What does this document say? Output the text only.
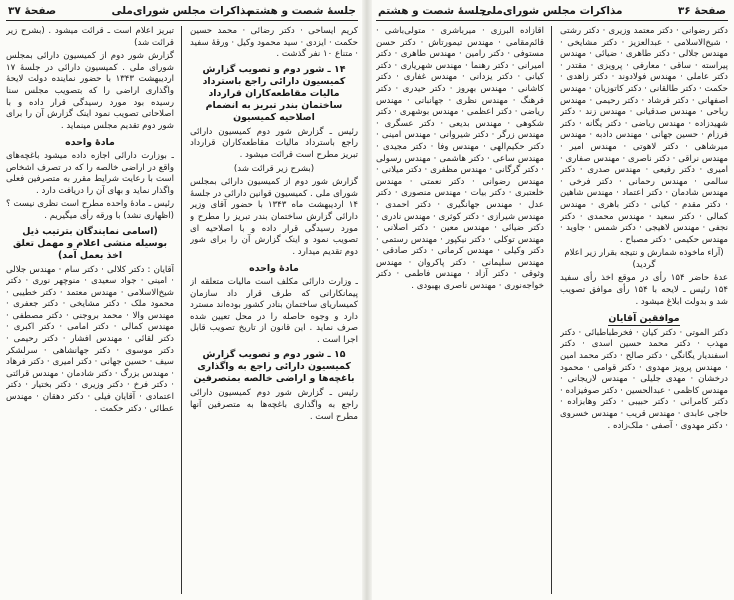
جلسهٔ شصت و هشتم
مذاکرات مجلس شورای‌ملی
صفحهٔ ۳۷

کریم ایساحی · دکتر رضائی · محمد حسین حکمت · ایزدی · سید محمود وکیل · ورقهٔ سفید · متناع ۱۰ نفر گذشت .

۱۴ ـ شور دوم و تصویب گزارش کمیسیون دارائی راجع باسترداد مالیات مقاطعه‌کاران قرارداد ساختمان بندر تبریز به انضمام اصلاحیه کمیسیون

رئیس ـ گزارش شور دوم کمیسیون دارائی راجع باسترداد مالیات مقاطعه‌کاران قرارداد تبریز مطرح است قرائت میشود .

(بشرح زیر قرائت شد)

گزارش شور دوم از کمیسیون دارائی بمجلس شورای ملی . کمیسیون قوانین دارائی در جلسهٔ ۱۴ اردیبهشت ماه ۱۳۴۳ با حضور آقای وزیر دارائی گزارش ساختمان بندر تبریز را مطرح و مورد رسیدگی قرار داده و با اصلاحیه ای تصویب نمود و اینک گزارش آن را برای شور دوم تقدیم میدارد .

مادهٔ واحده

ـ وزارت دارائی مکلف است مالیات متعلقه از پیمانکارانی که طرف قرار داد سازمان کمیساریای ساختمان بنادر کشور بوده‌اند مسترد دارد و وجوه حاصله را در محل تعیین شده صرف نماید . این قانون از تاریخ تصویب قابل اجرا است .

۱۵ ـ شور دوم و تصویب گزارش کمیسیون دارائی راجع به واگذاری باغچه‌ها و اراضی خالصه بمتصرفین

رئیس ـ گزارش شور دوم کمیسیون دارائی راجع به واگذاری باغچه‌ها به متصرفین آنها مطرح است .

تبریز اعلام است ـ قرائت میشود . (بشرح زیر قرائت شد)

گزارش شور دوم از کمیسیون دارائی بمجلس شورای ملی . کمیسیون دارائی در جلسهٔ ۱۷ اردیبهشت ۱۳۴۳ با حضور نماینده دولت لایحهٔ واگذاری اراضی را که بتصویب مجلس سنا رسیده بود مورد رسیدگی قرار داده و با اصلاحاتی تصویب نمود اینک گزارش آن را برای شور دوم تقدیم مجلس مینماید .

مادهٔ واحده

ـ بوزارت دارائی اجازه داده میشود باغچه‌های واقع در اراضی خالصه را که در تصرف اشخاص است با رعایت شرایط مقرر به متصرفین فعلی واگذار نماید و بهای آن را دریافت دارد .

رئیس ـ مادهٔ واحده مطرح است نظری نیست ؟ (اظهاری نشد) با ورقه رأی میگیریم .

(اسامی نمایندگان بترتیب ذیل بوسیله منشی اعلام و مهمل تعلق اخذ بعمل آمد)

آقایان : دکتر کلالی · دکتر سام · مهندس جلالی · امینی · جواد سعیدی · منوچهر نوری · دکتر شیخ‌الاسلامی · مهندس معتمد · دکتر خطیبی · محمود ملک · دکتر مشایخی · دکتر جعفری · مهندس والا · محمد بروجنی · دکتر مصطفی · مهندس کمالی · دکتر امامی · دکتر اکبری · دکتر لقائی · مهندس افشار · دکتر رحیمی · دکتر موسوی · دکتر جهانشاهی · سرلشکر سیف · حسین جهانی · دکتر امیری · دکتر فرهاد · مهندس بزرگ · دکتر شادمان · مهندس قرائتی · دکتر فرخ · دکتر وزیری · دکتر بختیار · دکتر اعتمادی · آقایان فیلی · دکتر دهقان · مهندس عطائی · دکتر حکمت .

صفحهٔ ۳۶
مذاکرات مجلس شورای‌ملی
جلسهٔ شصت و هشتم

دکتر رضوانی · دکتر معتمد وزیری · دکتر رشتی · شیخ‌الاسلامی · عبدالعزیز · دکتر مشایخی · مهندس جلالی · دکتر طاهری · ضیائی · مهندس پیراسته · ساقی · معارفی · پرویزی · مقتدر · دکتر عاملی · مهندس فولادوند · دکتر زاهدی · حکمت · دکتر طالقانی · دکتر کاتوزیان · مهندس اصفهانی · دکتر فرشاد · دکتر رحیمی · مهندس ریاحی · مهندس صدقیانی · مهندس زند · دکتر شهیدزاده · مهندس ریاضی · دکتر یگانه · دکتر فرزام · حسین جهانی · مهندس دادبه · مهندس میرشاهی · دکتر لاهوتی · مهندس امیر · مهندس نراقی · دکتر ناصری · مهندس صفاری · امیری · دکتر رفیعی · مهندس صدری · دکتر سالمی · مهندس رحمانی · دکتر فرخی · مهندس شادمان · دکتر اعتماد · مهندس شاهین · دکتر مقدم · کیانی · دکتر باهری · مهندس کمالی · دکتر سعید · مهندس محمدی · دکتر نجفی · مهندس لاهیجی · دکتر شمس · جاوید · مهندس حکیمی · دکتر مصباح .

(آراء ماخوذه شمارش و نتیجه بقرار زیر اعلام گردید)

عدهٔ حاضر ۱۵۴ رأی در موقع اخذ رأی سفید ۱۵۴ رئیس ـ لایحه با ۱۵۴ رأی موافق تصویب شد و بدولت ابلاغ میشود .

موافقین آقایان

دکتر الموتی · دکتر کیان · فخرطباطبائی · دکتر مهذب · دکتر محمد حسین اسدی · دکتر اسفندیار یگانگی · دکتر صالح · دکتر محمد امین · مهندس پرویز مهدوی · دکتر قوامی · محمود درخشان · مهدی جلیلی · مهندس لاریجانی · مهندس کاظمی · عبدالحسین · دکتر صوفیزاده · دکتر کامرانی · دکتر حبیبی · دکتر وهابزاده · حاجی عابدی · مهندس قریب · مهندس خسروی · دکتر مهدوی · آصفی · ملک‌زاده .

آقازاده البرزی · میرباشری · متولی‌باشی · قائم‌مقامی · مهندس تیمورتاش · دکتر حسن مستوفی · دکتر رامین · مهندس طاهری · دکتر امیرانی · دکتر رهنما · مهندس شهریاری · دکتر کیانی · دکتر یزدانی · مهندس غفاری · دکتر کاشانی · مهندس بهروز · دکتر حیدری · دکتر فرهنگ · مهندس نظری · جهانبانی · مهندس ریاضی · دکتر اعظمی · مهندس بوشهری · دکتر شکوهی · مهندس بدیعی · دکتر عسگری · مهندس زرگر · دکتر شیروانی · مهندس امینی · دکتر حکیم‌الهی · مهندس وفا · دکتر مجیدی · مهندس ساعی · دکتر هاشمی · مهندس رسولی · دکتر گرگانی · مهندس مظفری · دکتر میلانی · مهندس رضوانی · دکتر نعمتی · مهندس خلعتبری · دکتر بیات · مهندس منصوری · دکتر عدل · مهندس جهانگیری · دکتر احمدی · مهندس شیرازی · دکتر کوثری · مهندس نادری · دکتر ضیائی · مهندس معین · دکتر اصلانی · مهندس توکلی · دکتر نیکپور · مهندس رستمی · دکتر وکیلی · مهندس کرمانی · دکتر صادقی · مهندس سلیمانی · دکتر پاکروان · مهندس وثوقی · دکتر آزاد · مهندس فاطمی · دکتر خواجه‌نوری · مهندس ناصری بهبودی .
